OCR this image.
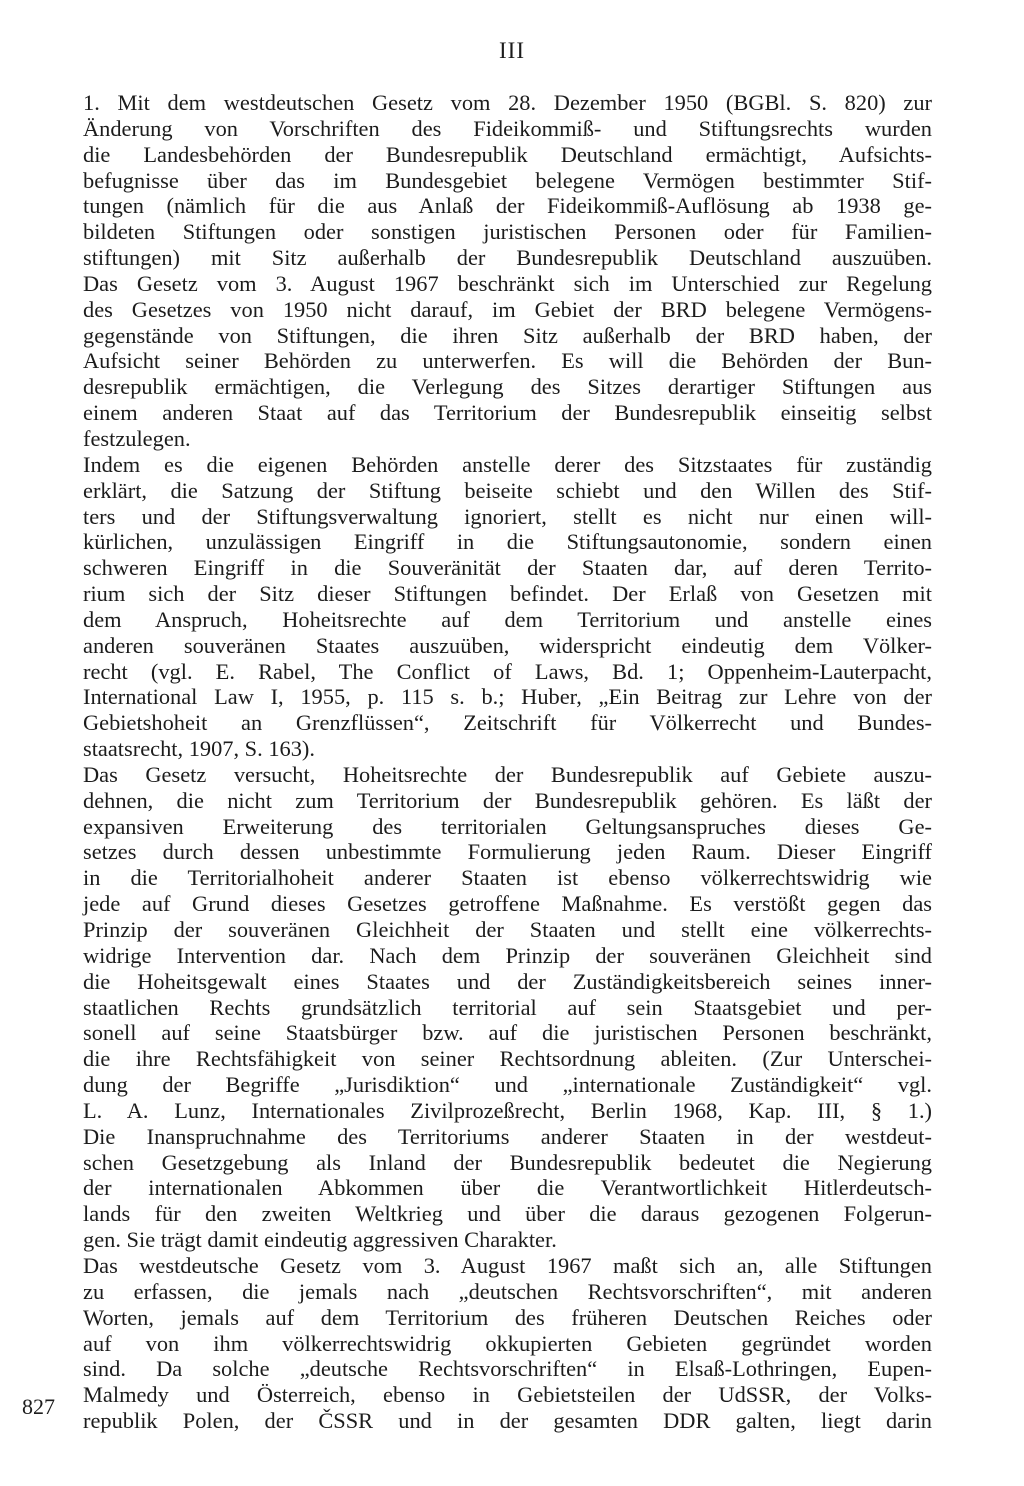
III
1. Mit dem westdeutschen Gesetz vom 28. Dezember 1950 (BGBl. S. 820) zur
Änderung von Vorschriften des Fideikommiß- und Stiftungsrechts wurden
die Landesbehörden der Bundesrepublik Deutschland ermächtigt, Aufsichts-
befugnisse über das im Bundesgebiet belegene Vermögen bestimmter Stif-
tungen (nämlich für die aus Anlaß der Fideikommiß-Auflösung ab 1938 ge-
bildeten Stiftungen oder sonstigen juristischen Personen oder für Familien-
stiftungen) mit Sitz außerhalb der Bundesrepublik Deutschland auszuüben.
Das Gesetz vom 3. August 1967 beschränkt sich im Unterschied zur Regelung
des Gesetzes von 1950 nicht darauf, im Gebiet der BRD belegene Vermögens-
gegenstände von Stiftungen, die ihren Sitz außerhalb der BRD haben, der
Aufsicht seiner Behörden zu unterwerfen. Es will die Behörden der Bun-
desrepublik ermächtigen, die Verlegung des Sitzes derartiger Stiftungen aus
einem anderen Staat auf das Territorium der Bundesrepublik einseitig selbst
festzulegen.
Indem es die eigenen Behörden anstelle derer des Sitzstaates für zuständig
erklärt, die Satzung der Stiftung beiseite schiebt und den Willen des Stif-
ters und der Stiftungsverwaltung ignoriert, stellt es nicht nur einen will-
kürlichen, unzulässigen Eingriff in die Stiftungsautonomie, sondern einen
schweren Eingriff in die Souveränität der Staaten dar, auf deren Territo-
rium sich der Sitz dieser Stiftungen befindet. Der Erlaß von Gesetzen mit
dem Anspruch, Hoheitsrechte auf dem Territorium und anstelle eines
anderen souveränen Staates auszuüben, widerspricht eindeutig dem Völker-
recht (vgl. E. Rabel, The Conflict of Laws, Bd. 1; Oppenheim-Lauterpacht,
International Law I, 1955, p. 115 s. b.; Huber, „Ein Beitrag zur Lehre von der
Gebietshoheit an Grenzflüssen“, Zeitschrift für Völkerrecht und Bundes-
staatsrecht, 1907, S. 163).
Das Gesetz versucht, Hoheitsrechte der Bundesrepublik auf Gebiete auszu-
dehnen, die nicht zum Territorium der Bundesrepublik gehören. Es läßt der
expansiven Erweiterung des territorialen Geltungsanspruches dieses Ge-
setzes durch dessen unbestimmte Formulierung jeden Raum. Dieser Eingriff
in die Territorialhoheit anderer Staaten ist ebenso völkerrechtswidrig wie
jede auf Grund dieses Gesetzes getroffene Maßnahme. Es verstößt gegen das
Prinzip der souveränen Gleichheit der Staaten und stellt eine völkerrechts-
widrige Intervention dar. Nach dem Prinzip der souveränen Gleichheit sind
die Hoheitsgewalt eines Staates und der Zuständigkeitsbereich seines inner-
staatlichen Rechts grundsätzlich territorial auf sein Staatsgebiet und per-
sonell auf seine Staatsbürger bzw. auf die juristischen Personen beschränkt,
die ihre Rechtsfähigkeit von seiner Rechtsordnung ableiten. (Zur Unterschei-
dung der Begriffe „Jurisdiktion“ und „internationale Zuständigkeit“ vgl.
L. A. Lunz, Internationales Zivilprozeßrecht, Berlin 1968, Kap. III, § 1.)
Die Inanspruchnahme des Territoriums anderer Staaten in der westdeut-
schen Gesetzgebung als Inland der Bundesrepublik bedeutet die Negierung
der internationalen Abkommen über die Verantwortlichkeit Hitlerdeutsch-
lands für den zweiten Weltkrieg und über die daraus gezogenen Folgerun-
gen. Sie trägt damit eindeutig aggressiven Charakter.
Das westdeutsche Gesetz vom 3. August 1967 maßt sich an, alle Stiftungen
zu erfassen, die jemals nach „deutschen Rechtsvorschriften“, mit anderen
Worten, jemals auf dem Territorium des früheren Deutschen Reiches oder
auf von ihm völkerrechtswidrig okkupierten Gebieten gegründet worden
sind. Da solche „deutsche Rechtsvorschriften“ in Elsaß-Lothringen, Eupen-
Malmedy und Österreich, ebenso in Gebietsteilen der UdSSR, der Volks-
republik Polen, der ČSSR und in der gesamten DDR galten, liegt darin
827
